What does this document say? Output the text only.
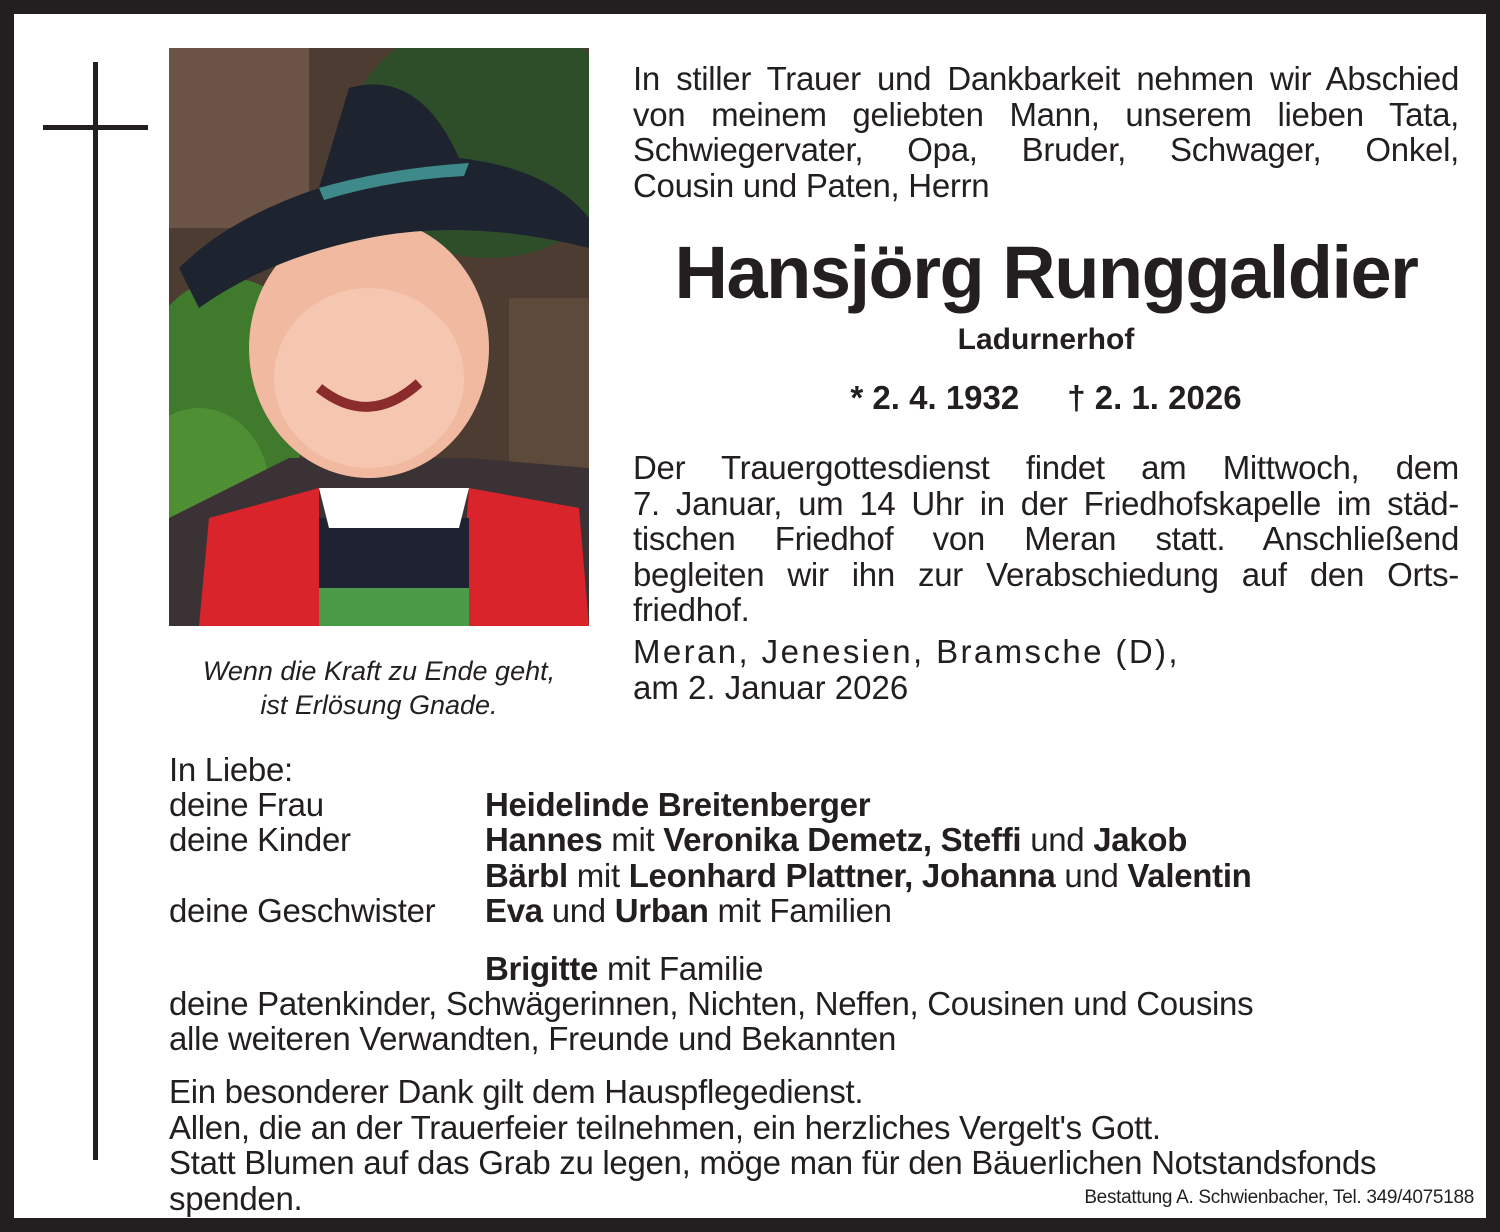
Wenn die Kraft zu Ende geht,
ist Erlösung Gnade.
In stiller Trauer und Dankbarkeit nehmen wir Abschied
von meinem geliebten Mann, unserem lieben Tata,
Schwiegervater, Opa, Bruder, Schwager, Onkel,
Cousin und Paten, Herrn
Hansjörg Runggaldier
Ladurnerhof
* 2. 4. 1932 † 2. 1. 2026
Der Trauergottesdienst findet am Mittwoch, dem
7. Januar, um 14 Uhr in der Friedhofskapelle im städ-
tischen Friedhof von Meran statt. Anschließend
begleiten wir ihn zur Verabschiedung auf den Orts-
friedhof.
Meran, Jenesien, Bramsche (D),
am 2. Januar 2026
In Liebe:
deine Frau	Heidelinde Breitenberger
deine Kinder	Hannes mit Veronika Demetz, Steffi und Jakob
Bärbl mit Leonhard Plattner, Johanna und Valentin
deine Geschwister	Eva und Urban mit Familien
Brigitte mit Familie
deine Patenkinder, Schwägerinnen, Nichten, Neffen, Cousinen und Cousins
alle weiteren Verwandten, Freunde und Bekannten
Ein besonderer Dank gilt dem Hauspflegedienst.
Allen, die an der Trauerfeier teilnehmen, ein herzliches Vergelt's Gott.
Statt Blumen auf das Grab zu legen, möge man für den Bäuerlichen Notstandsfonds
spenden.	Bestattung A. Schwienbacher, Tel. 349/4075188
